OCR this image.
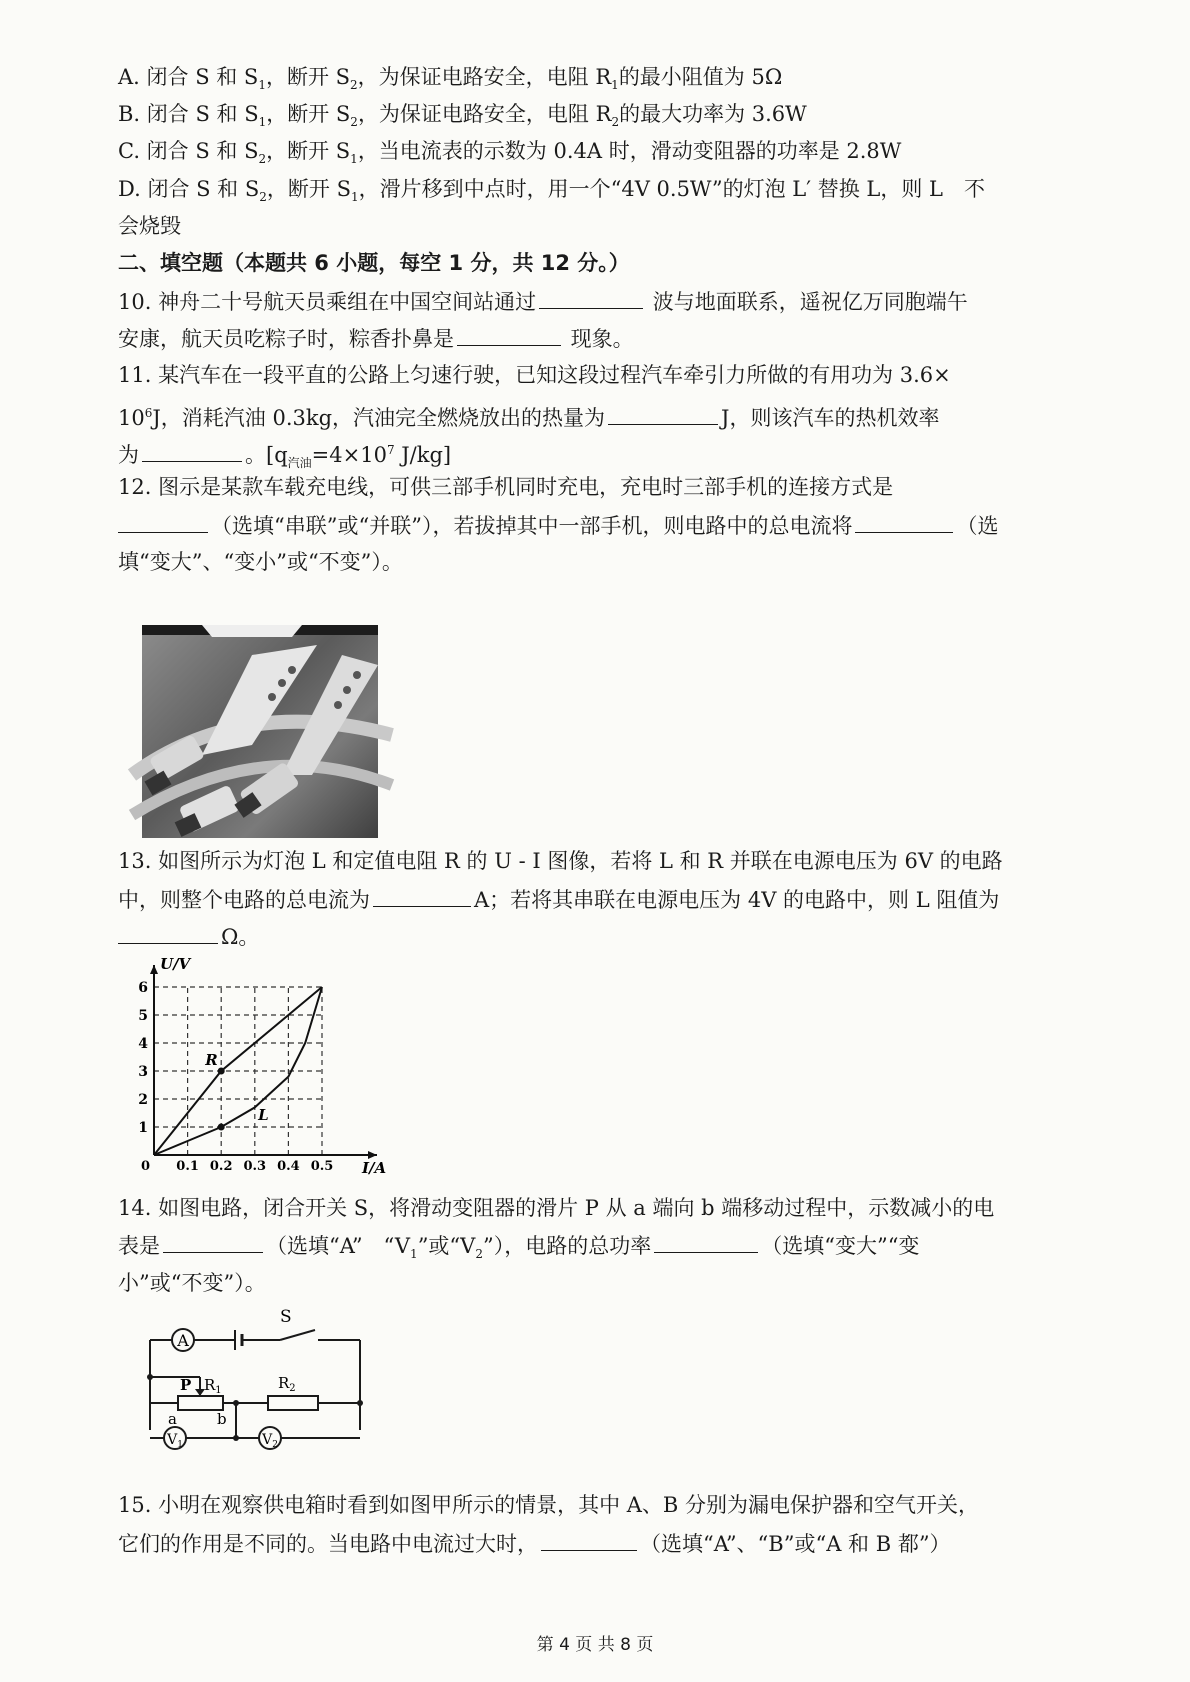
A. 闭合 S 和 $S_1$，断开 $S_2$，为保证电路安全，电阻 $R_1$的最小阻值为 5Ω
B. 闭合 S 和 $S_1$，断开 $S_2$，为保证电路安全，电阻 $R_2$的最大功率为 3.6W
C. 闭合 S 和 $S_2$，断开 $S_1$，当电流表的示数为 0.4A 时，滑动变阻器的功率是 2.8W
D. 闭合 S 和 $S_2$，断开 $S_1$，滑片移到中点时，用一个“4V 0.5W”的灯泡 L′ 替换 L，则 L　不
会烧毁
二、填空题（本题共 6 小题，每空 1 分，共 12 分。）
10. 神舟二十号航天员乘组在中国空间站通过	波与地面联系，遥祝亿万同胞端午
安康，航天员吃粽子时，粽香扑鼻是	现象。
11. 某汽车在一段平直的公路上匀速行驶，已知这段过程汽车牵引力所做的有用功为 3.6×
$10^6J$，消耗汽油 0.3kg，汽油完全燃烧放出的热量为	J，则该汽车的热机效率
为	。[$q_{汽油}=4\times 10^7$ J/kg]
12. 图示是某款车载充电线，可供三部手机同时充电，充电时三部手机的连接方式是
（选填“串联”或“并联”），若拔掉其中一部手机，则电路中的总电流将	（选
填“变大”、“变小”或“不变”）。
13. 如图所示为灯泡 L 和定值电阻 R 的 U - I 图像，若将 L 和 R 并联在电源电压为 6V 的电路
中，则整个电路的总电流为	A；若将其串联在电源电压为 4V 的电路中，则 L 阻值为
Ω。
0.1 0.2 0.3 0.4 0.5
1
2
3
4
5
6
0	I/A
U/V
R
L
14. 如图电路，闭合开关 S，将滑动变阻器的滑片 P 从 a 端向 b 端移动过程中，示数减小的电
表是	（选填“A”　“$V_1$”或“$V_2$”），电路的总功率	（选填“变大”“变
小”或“不变”）。
A
S
P $R_1$	$R_2$
a	b
$V_1$	$V_2$
15. 小明在观察供电箱时看到如图甲所示的情景，其中 A、B 分别为漏电保护器和空气开关，
它们的作用是不同的。当电路中电流过大时，	（选填“A”、“B”或“A 和 B 都”）
第 4 页 共 8 页
